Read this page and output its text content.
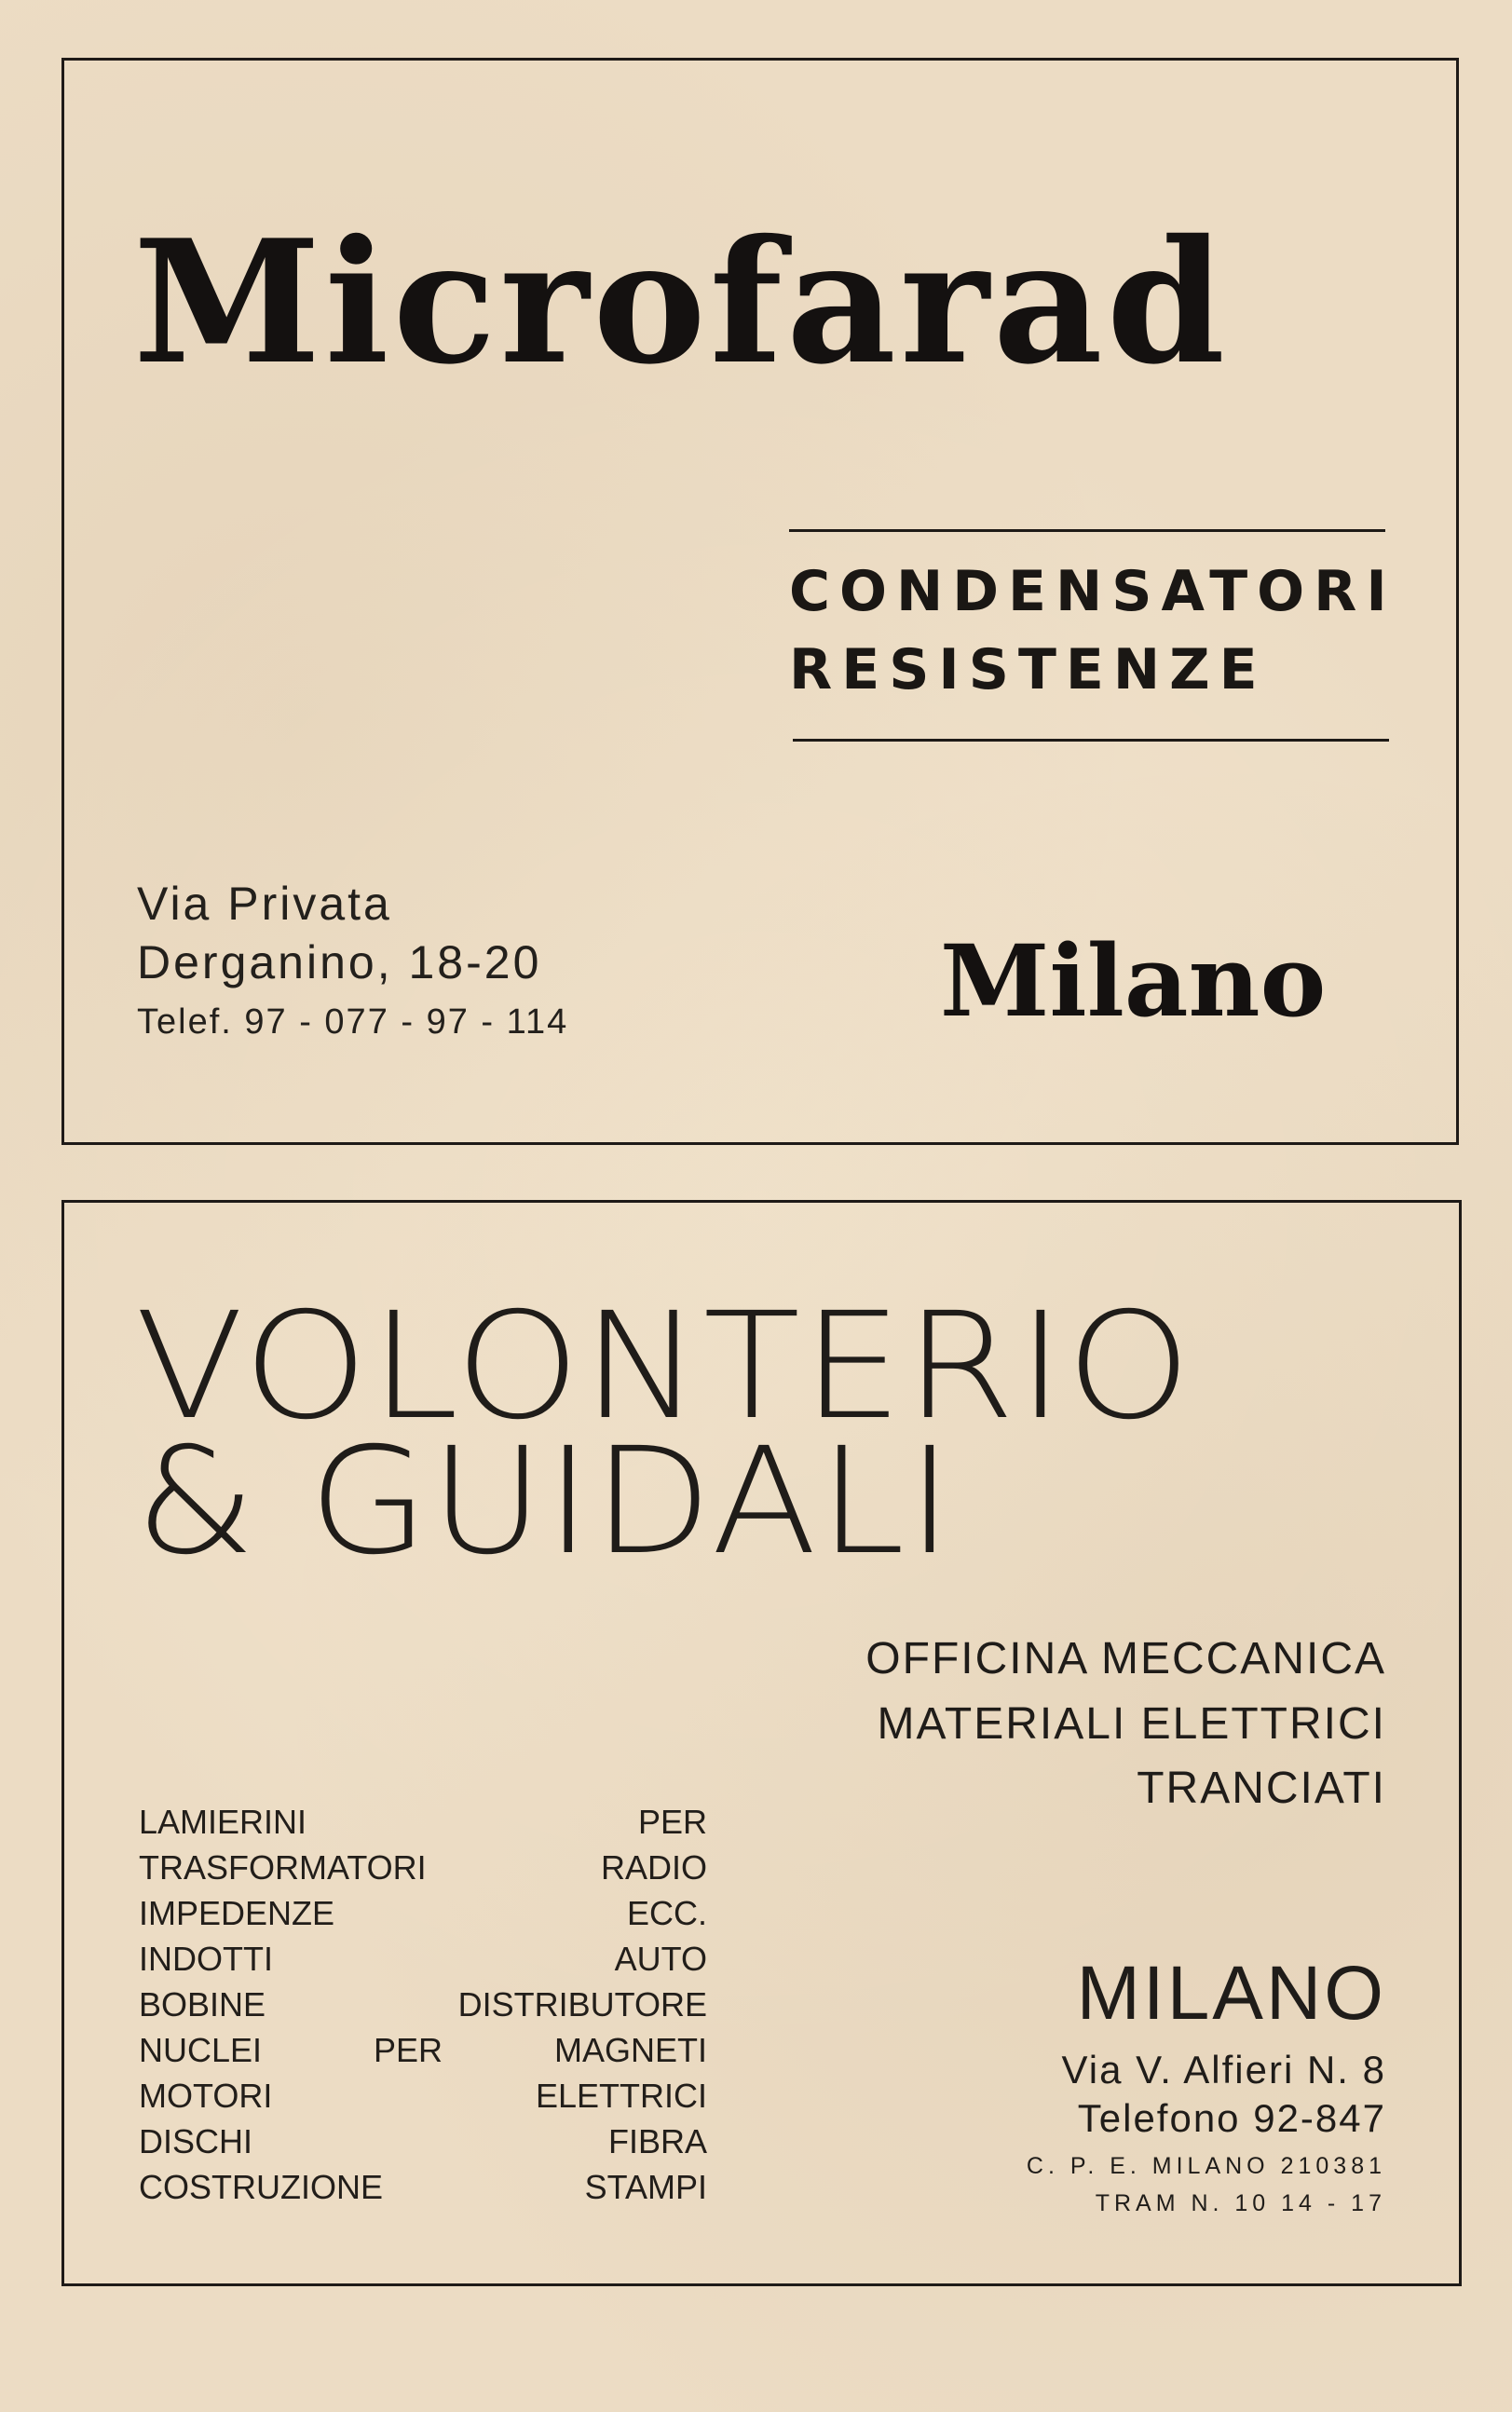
Microfarad
CONDENSATORI
RESISTENZE
Via Privata
Derganino, 18-20
Telef. 97 - 077 - 97 - 114	Milano
VOLONTERIO
& GUIDALI
OFFICINA MECCANICA
MATERIALI ELETTRICI
TRANCIATI
LAMIERINI PER
TRASFORMATORI RADIO
IMPEDENZE ECC.
INDOTTI AUTO
BOBINE DISTRIBUTORE
NUCLEI PER MAGNETI
MOTORI ELETTRICI
DISCHI FIBRA
COSTRUZIONE STAMPI
MILANO
Via V. Alfieri N. 8
Telefono 92-847
C. P. E. MILANO 210381
TRAM N. 10 14 - 17
